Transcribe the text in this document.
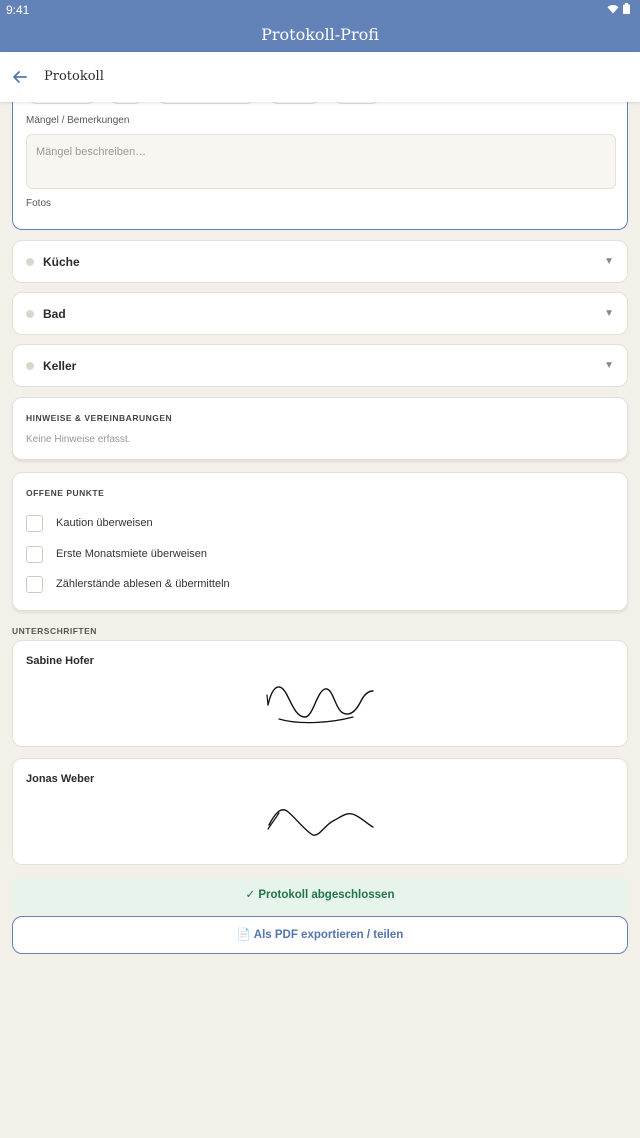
9:41
Protokoll-Profi
Protokoll
Mängel / Bemerkungen
Mängel beschreiben…
Fotos
Küche	▼
Bad	▼
Keller	▼
HINWEISE & VEREINBARUNGEN
Keine Hinweise erfasst.
OFFENE PUNKTE
Kaution überweisen
Erste Monatsmiete überweisen
Zählerstände ablesen & übermitteln
UNTERSCHRIFTEN
Sabine Hofer
Jonas Weber
✓ Protokoll abgeschlossen
📄 Als PDF exportieren / teilen
